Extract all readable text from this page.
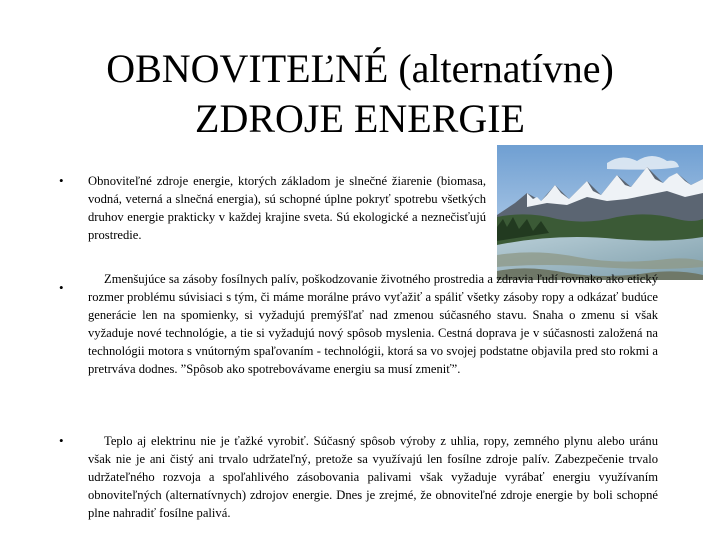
OBNOVITEĽNÉ (alternatívne)
ZDROJE ENERGIE
• Obnoviteľné zdroje energie, ktorých základom je slnečné žiarenie (biomasa, vodná, veterná a slnečná energia), sú schopné úplne pokryť spotrebu všetkých druhov energie prakticky v každej krajine sveta. Sú ekologické a neznečisťujú prostredie.

•

Zmenšujúce sa zásoby fosílnych palív, poškodzovanie životného prostredia a zdravia ľudí rovnako ako etický rozmer problému súvisiaci s tým, či máme morálne právo vyťažiť a spáliť všetky zásoby ropy a odkázať budúce generácie len na spomienky, si vyžadujú premýšľať nad zmenou súčasného stavu. Snaha o zmenu si však vyžaduje nové technológie, a tie si vyžadujú nový spôsob myslenia. Cestná doprava je v súčasnosti založená na technológii motora s vnútorným spaľovaním - technológii, ktorá sa vo svojej podstatne objavila pred sto rokmi a pretrváva dodnes. ”Spôsob ako spotrebovávame energiu sa musí zmeniť”.

•	Teplo aj elektrinu nie je ťažké vyrobiť. Súčasný spôsob výroby z uhlia, ropy, zemného plynu alebo uránu však nie je ani čistý ani trvalo udržateľný, pretože sa využívajú len fosílne zdroje palív. Zabezpečenie trvalo udržateľného rozvoja a spoľahlivého zásobovania palivami však vyžaduje vyrábať energiu využívaním obnoviteľných (alternatívnych) zdrojov energie. Dnes je zrejmé, že obnoviteľné zdroje energie by boli schopné plne nahradiť fosílne palivá.
